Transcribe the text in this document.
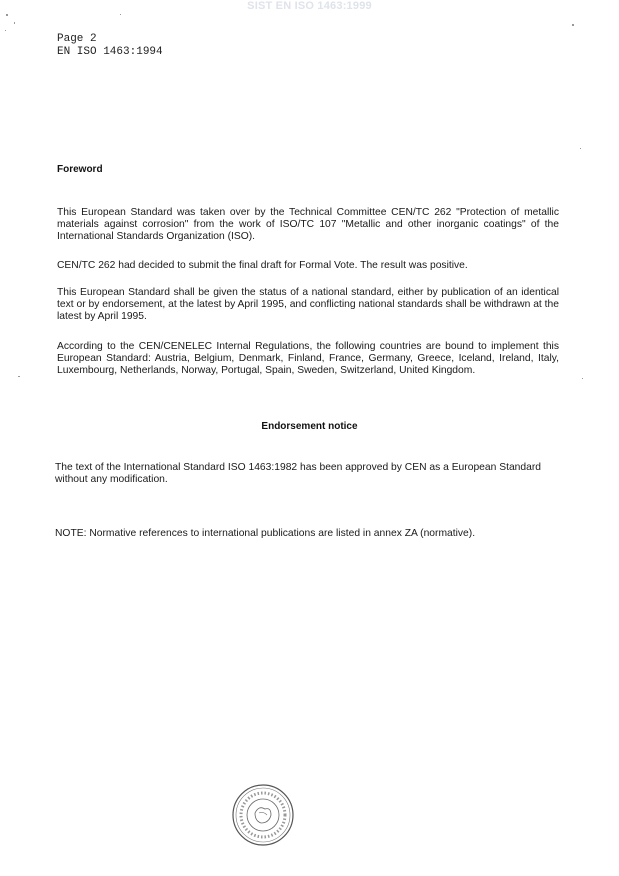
SIST EN ISO 1463:1999
Page 2
EN ISO 1463:1994
Foreword
This European Standard was taken over by the Technical Committee CEN/TC 262 "Protection of metallic materials against corrosion" from the work of ISO/TC 107 "Metallic and other inorganic coatings" of the International Standards Organization (ISO).
CEN/TC 262 had decided to submit the final draft for Formal Vote. The result was positive.
This European Standard shall be given the status of a national standard, either by publication of an identical text or by endorsement, at the latest by April 1995, and conflicting national standards shall be withdrawn at the latest by April 1995.
According to the CEN/CENELEC Internal Regulations, the following countries are bound to implement this European Standard: Austria, Belgium, Denmark, Finland, France, Germany, Greece, Iceland, Ireland, Italy, Luxembourg, Netherlands, Norway, Portugal, Spain, Sweden, Switzerland, United Kingdom.
Endorsement notice
The text of the International Standard ISO 1463:1982 has been approved by CEN as a European Standard without any modification.
NOTE: Normative references to international publications are listed in annex ZA (normative).
